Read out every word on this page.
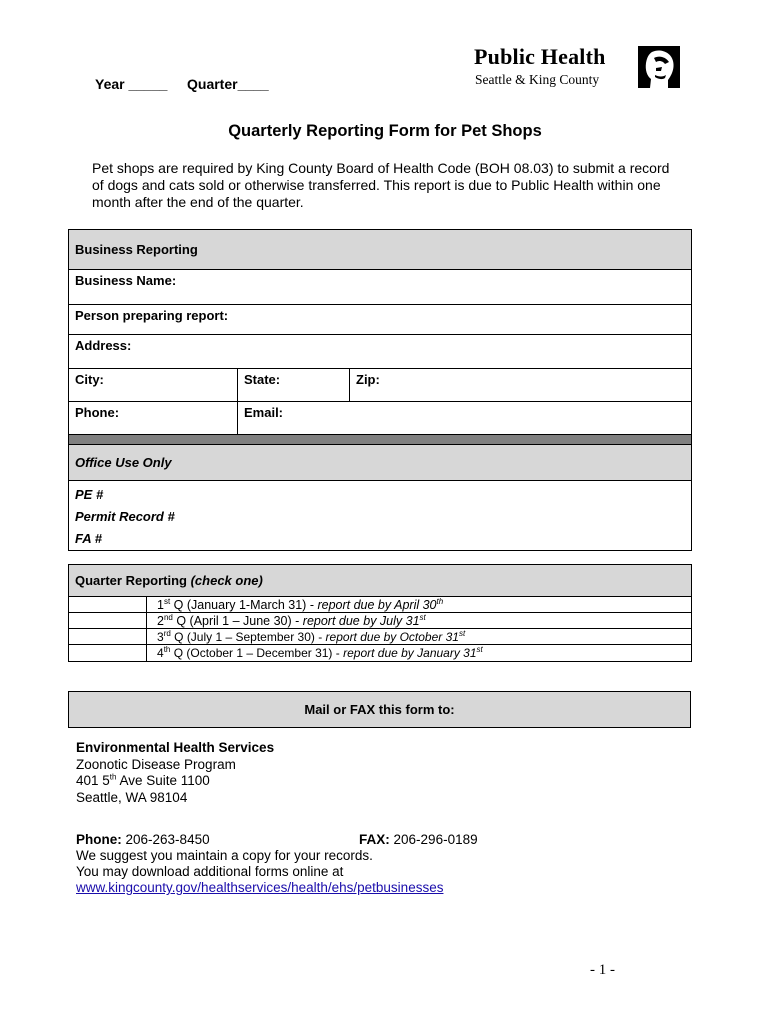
Year _____ Quarter____
Public Health
Seattle & King County
Quarterly Reporting Form for Pet Shops
Pet shops are required by King County Board of Health Code (BOH 08.03) to submit a record of dogs and cats sold or otherwise transferred. This report is due to Public Health within one month after the end of the quarter.
Business Reporting		
Business Name:		
Person preparing report:		
Address:		
City:	State:	Zip:
Phone:	Email:	

Office Use Only		

PE #
Permit Record #
FA #		
Quarter Reporting (check one)	
	1st Q (January 1-March 31) - report due by April 30th
	2nd Q (April 1 – June 30) - report due by July 31st
	3rd Q (July 1 – September 30) - report due by October 31st
	4th Q (October 1 – December 31) - report due by January 31st
Mail or FAX this form to:
Environmental Health Services
Zoonotic Disease Program
401 5th Ave Suite 1100
Seattle, WA 98104
Phone: 206-263-8450	FAX: 206-296-0189
We suggest you maintain a copy for your records.
You may download additional forms online at
www.kingcounty.gov/healthservices/health/ehs/petbusinesses
- 1 -
